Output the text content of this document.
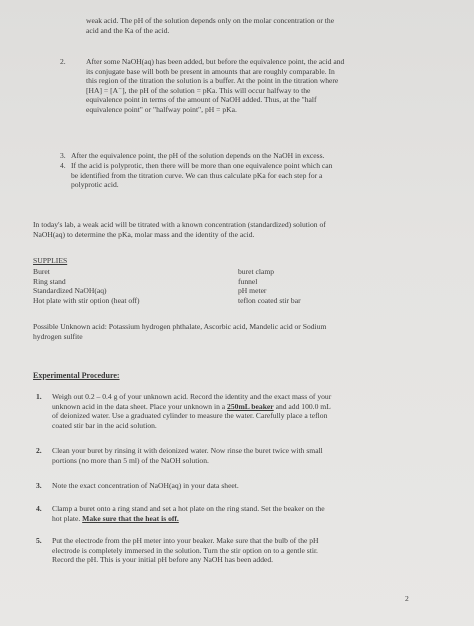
weak acid. The pH of the solution depends only on the molar concentration or the
acid and the Ka of the acid.
2.	After some NaOH(aq) has been added, but before the equivalence point, the acid and
its conjugate base will both be present in amounts that are roughly comparable. In
this region of the titration the solution is a buffer. At the point in the titration where
[HA] = [A⁻], the pH of the solution = pKa. This will occur halfway to the
equivalence point in terms of the amount of NaOH added. Thus, at the "half
equivalence point" or "halfway point", pH = pKa.
3. After the equivalence point, the pH of the solution depends on the NaOH in excess.
4. If the acid is polyprotic, then there will be more than one equivalence point which can
be identified from the titration curve. We can thus calculate pKa for each step for a
polyprotic acid.
In today's lab, a weak acid will be titrated with a known concentration (standardized) solution of
NaOH(aq) to determine the pKa, molar mass and the identity of the acid.
SUPPLIES
Buret
Ring stand
Standardized NaOH(aq)
Hot plate with stir option (heat off)
buret clamp
funnel
pH meter
teflon coated stir bar
Possible Unknown acid: Potassium hydrogen phthalate, Ascorbic acid, Mandelic acid or Sodium
hydrogen sulfite
Experimental Procedure:
1. Weigh out 0.2 – 0.4 g of your unknown acid. Record the identity and the exact mass of your
unknown acid in the data sheet. Place your unknown in a 250mL beaker and add 100.0 mL
of deionized water. Use a graduated cylinder to measure the water. Carefully place a teflon
coated stir bar in the acid solution.
2. Clean your buret by rinsing it with deionized water. Now rinse the buret twice with small
portions (no more than 5 ml) of the NaOH solution.
3. Note the exact concentration of NaOH(aq) in your data sheet.
4. Clamp a buret onto a ring stand and set a hot plate on the ring stand. Set the beaker on the
hot plate. Make sure that the heat is off.
5. Put the electrode from the pH meter into your beaker. Make sure that the bulb of the pH
electrode is completely immersed in the solution. Turn the stir option on to a gentle stir.
Record the pH. This is your initial pH before any NaOH has been added.
2
